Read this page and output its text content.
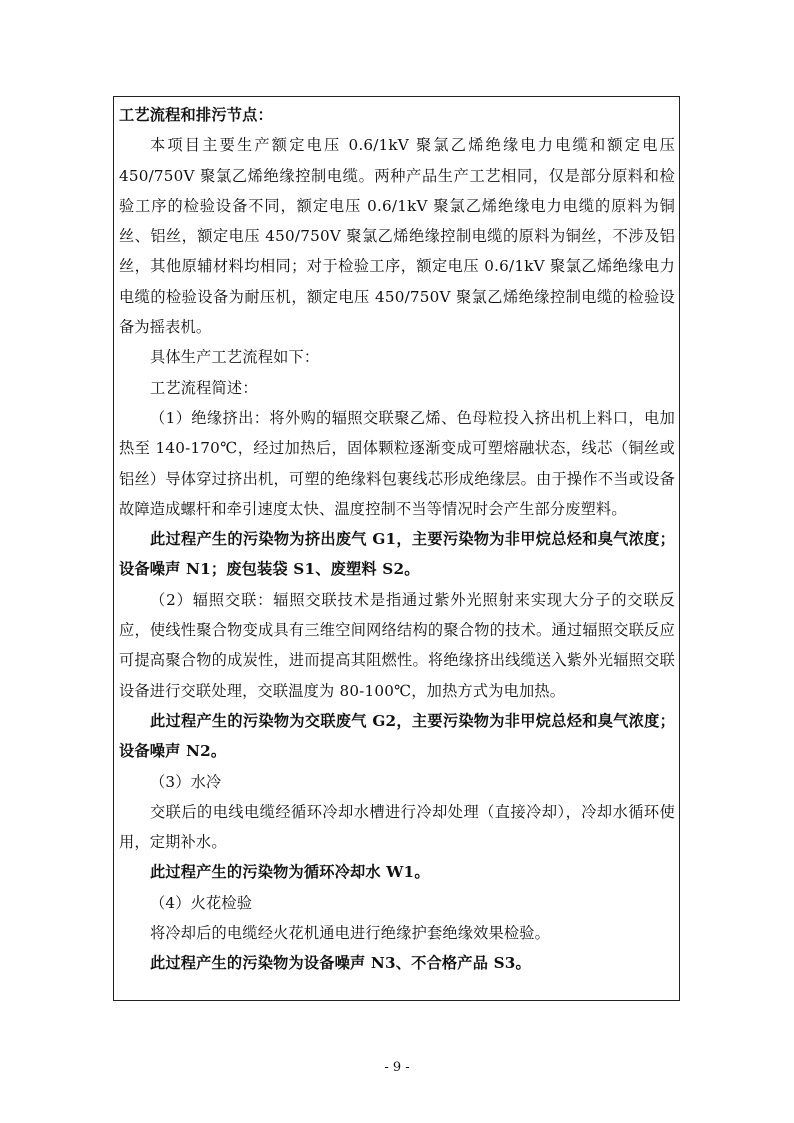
工艺流程和排污节点：

本项目主要生产额定电压 0.6/1kV 聚氯乙烯绝缘电力电缆和额定电压 450/750V 聚氯乙烯绝缘控制电缆。两种产品生产工艺相同，仅是部分原料和检验工序的检验设备不同，额定电压 0.6/1kV 聚氯乙烯绝缘电力电缆的原料为铜丝、铝丝，额定电压 450/750V 聚氯乙烯绝缘控制电缆的原料为铜丝，不涉及铝丝，其他原辅材料均相同；对于检验工序，额定电压 0.6/1kV 聚氯乙烯绝缘电力电缆的检验设备为耐压机，额定电压 450/750V 聚氯乙烯绝缘控制电缆的检验设备为摇表机。

具体生产工艺流程如下：

工艺流程简述：

（1）绝缘挤出：将外购的辐照交联聚乙烯、色母粒投入挤出机上料口，电加热至 140-170℃，经过加热后，固体颗粒逐渐变成可塑熔融状态，线芯（铜丝或铝丝）导体穿过挤出机，可塑的绝缘料包裹线芯形成绝缘层。由于操作不当或设备故障造成螺杆和牵引速度太快、温度控制不当等情况时会产生部分废塑料。

此过程产生的污染物为挤出废气 G1，主要污染物为非甲烷总烃和臭气浓度；设备噪声 N1；废包装袋 S1、废塑料 S2。

（2）辐照交联：辐照交联技术是指通过紫外光照射来实现大分子的交联反应，使线性聚合物变成具有三维空间网络结构的聚合物的技术。通过辐照交联反应可提高聚合物的成炭性，进而提高其阻燃性。将绝缘挤出线缆送入紫外光辐照交联设备进行交联处理，交联温度为 80-100℃，加热方式为电加热。

此过程产生的污染物为交联废气 G2，主要污染物为非甲烷总烃和臭气浓度；设备噪声 N2。

（3）水冷

交联后的电线电缆经循环冷却水槽进行冷却处理（直接冷却），冷却水循环使用，定期补水。

此过程产生的污染物为循环冷却水 W1。

（4）火花检验

将冷却后的电缆经火花机通电进行绝缘护套绝缘效果检验。

此过程产生的污染物为设备噪声 N3、不合格产品 S3。

- 9 -
